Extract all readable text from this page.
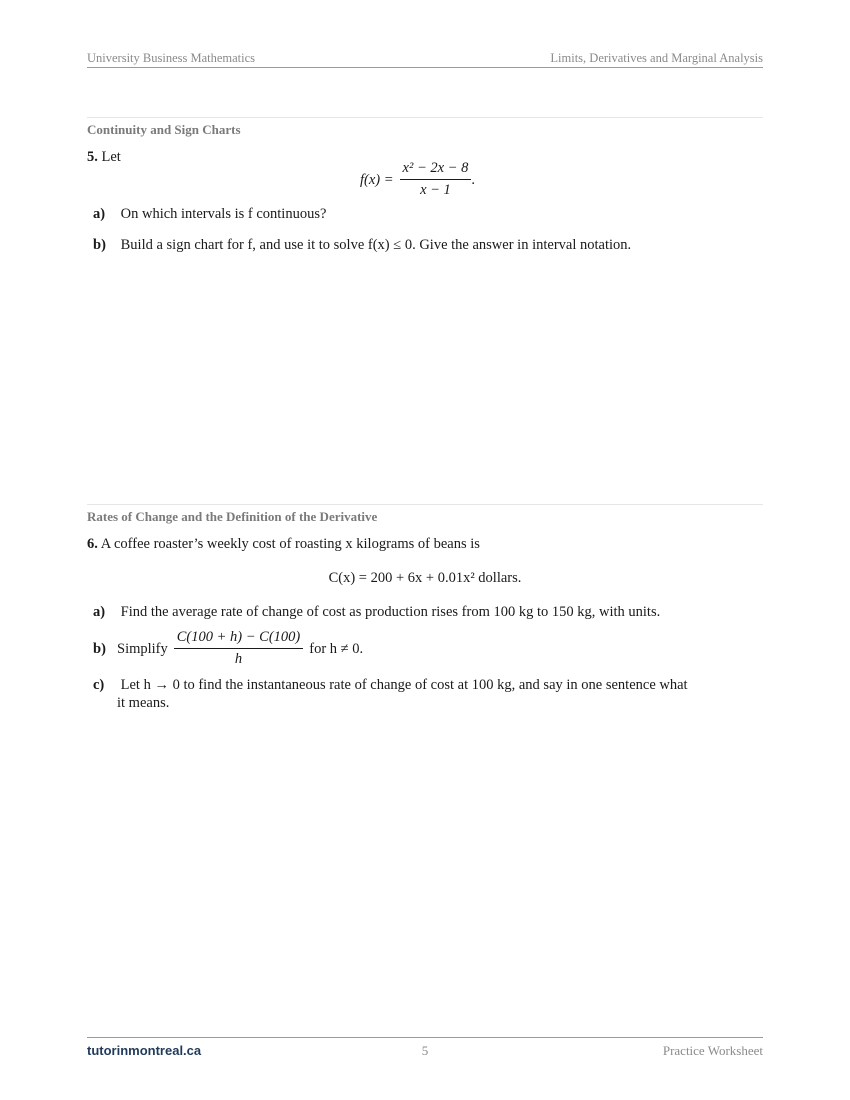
University Business Mathematics	Limits, Derivatives and Marginal Analysis
Continuity and Sign Charts
5. Let
$f(x) = \frac{\text{x² − 2x − 8}}{x - 1}$ .
a) On which intervals is f continuous?
b) Build a sign chart for f, and use it to solve f(x) ≤ 0. Give the answer in interval notation.
Rates of Change and the Definition of the Derivative
6. A coffee roaster’s weekly cost of roasting x kilograms of beans is
C(x) = 200 + 6x + 0.01x² dollars.
a) Find the average rate of change of cost as production rises from 100 kg to 150 kg, with units.
b) Simplify $\frac{C(100 + h) - C(100)}{h}$ for h ≠ 0.
c) Let h → 0 to find the instantaneous rate of change of cost at 100 kg, and say in one sentence what
it means.
tutorinmontreal.ca	5	Practice Worksheet
